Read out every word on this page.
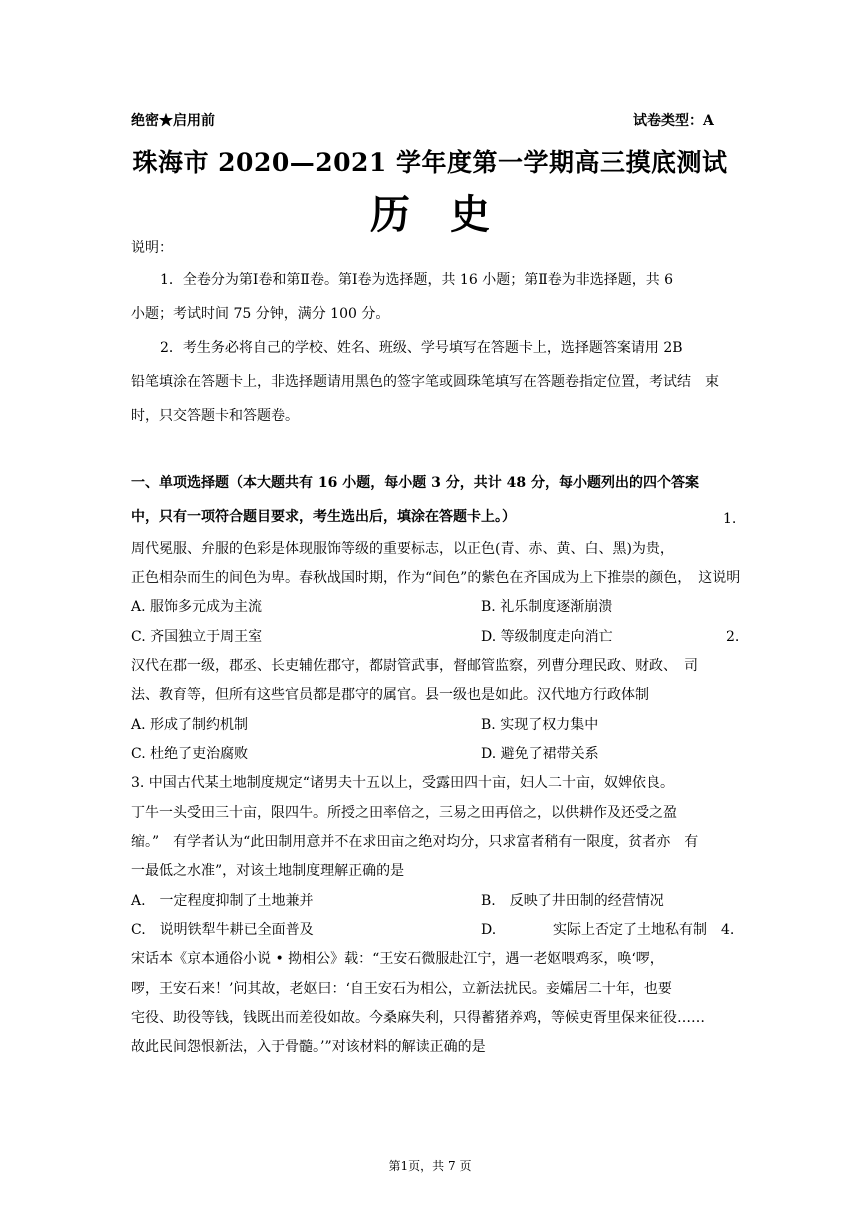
绝密★启用前	试卷类型：A
珠海市 2020—2021 学年度第一学期高三摸底测试
历史
说明：
1．全卷分为第Ⅰ卷和第Ⅱ卷。第Ⅰ卷为选择题，共 16 小题；第Ⅱ卷为非选择题，共 6
小题；考试时间 75 分钟，满分 100 分。
2．考生务必将自己的学校、姓名、班级、学号填写在答题卡上，选择题答案请用 2B
铅笔填涂在答题卡上，非选择题请用黑色的签字笔或圆珠笔填写在答题卷指定位置，考试结　束
时，只交答题卡和答题卷。
一、单项选择题（本大题共有 16 小题，每小题 3 分，共计 48 分，每小题列出的四个答案
中，只有一项符合题目要求，考生选出后，填涂在答题卡上。）	1.
周代冕服、弁服的色彩是体现服饰等级的重要标志，以正色(青、赤、黄、白、黑)为贵，
正色相杂而生的间色为卑。春秋战国时期，作为“间色”的紫色在齐国成为上下推崇的颜色，　这说明
A. 服饰多元成为主流	B. 礼乐制度逐渐崩溃
C. 齐国独立于周王室	D. 等级制度走向消亡	2.
汉代在郡一级，郡丞、长吏辅佐郡守，都尉管武事，督邮管监察，列曹分理民政、财政、　司
法、教育等，但所有这些官员都是郡守的属官。县一级也是如此。汉代地方行政体制
A. 形成了制约机制	B. 实现了权力集中
C. 杜绝了吏治腐败	D. 避免了裙带关系
3. 中国古代某土地制度规定“诸男夫十五以上，受露田四十亩，妇人二十亩，奴婢依良。
丁牛一头受田三十亩，限四牛。所授之田率倍之，三易之田再倍之，以供耕作及还受之盈
缩。”　有学者认为“此田制用意并不在求田亩之绝对均分，只求富者稍有一限度，贫者亦　有
一最低之水准”，对该土地制度理解正确的是
A.　一定程度抑制了土地兼并	B.　反映了井田制的经营情况
C.　说明铁犁牛耕已全面普及	D.	实际上否定了土地私有制 4.
宋话本《京本通俗小说 • 拗相公》载：“王安石微服赴江宁，遇一老妪喂鸡豕，唤‘啰，
啰，王安石来！’问其故，老妪曰：‘自王安石为相公，立新法扰民。妾孀居二十年，也要
宅役、助役等钱，钱既出而差役如故。今桑麻失利，只得蓄猪养鸡，等候吏胥里保来征役……
故此民间怨恨新法，入于骨髓。’”对该材料的解读正确的是
第1页，共 7 页
